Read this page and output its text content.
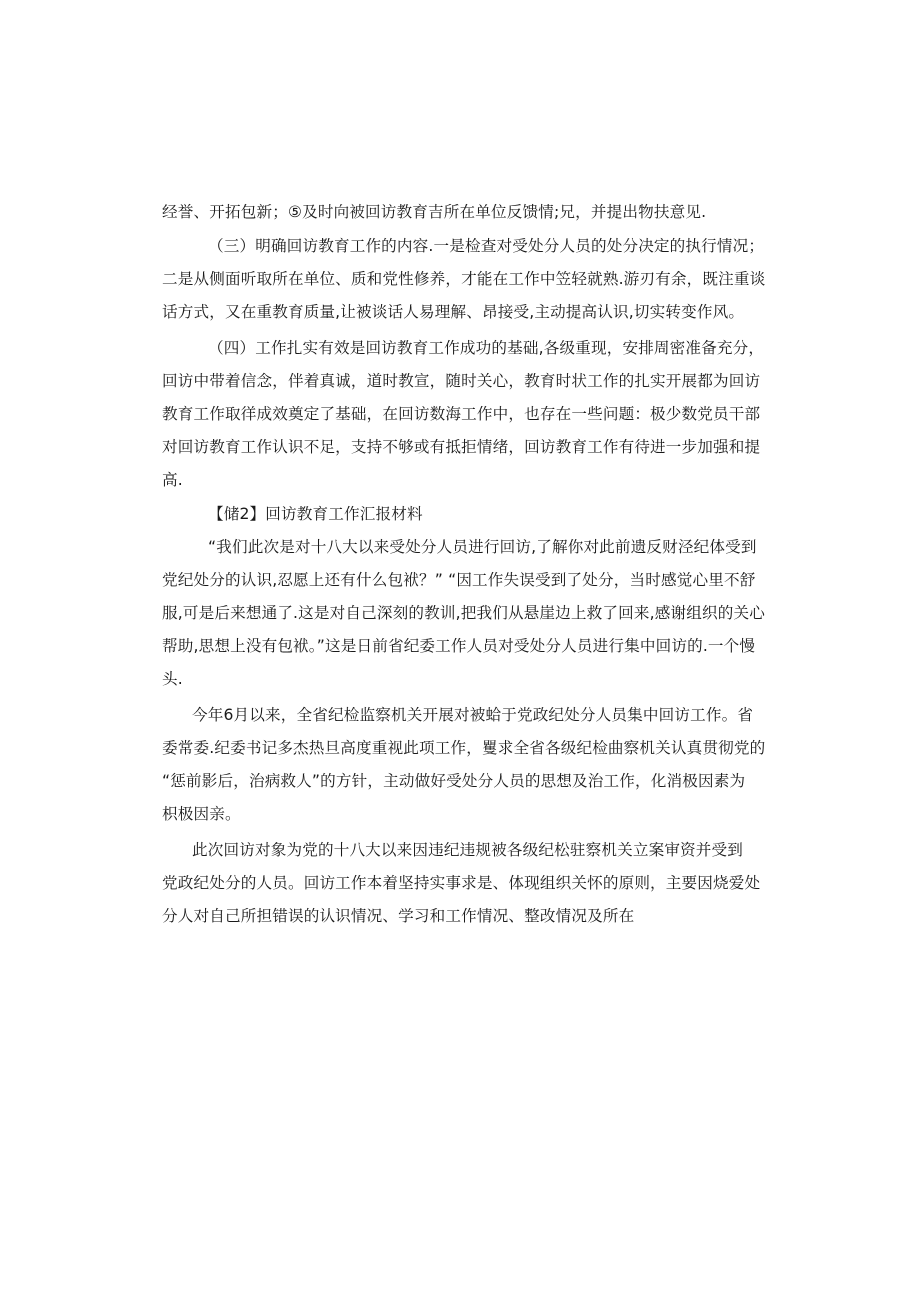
经誉、开拓包新；⑤及时向被回访教育吉所在单位反馈情;兄，并提出物扶意见.
（三）明确回访教育工作的内容.一是检查对受处分人员的处分决定的执行情况；
二是从侧面听取所在单位、质和党性修养，才能在工作中笠轻就熟.游刃有余，既注重谈
话方式，又在重教育质量,让被谈话人易理解、昂接受,主动提高认识,切实转变作风。
（四）工作扎实有效是回访教育工作成功的基础,各级重现，安排周密准备充分，
回访中带着信念，伴着真诚，道时教宣，随时关心，教育时状工作的扎实开展都为回访
教育工作取徉成效奠定了基础，在回访数海工作中，也存在一些问题：极少数党员干部
对回访教育工作认识不足，支持不够或有抵拒情绪，回访教育工作有待进一步加强和提
高.
【储2】回访教育工作汇报材料
“我们此次是对十八大以来受处分人员进行回访,了解你对此前遗反财泾纪体受到
党纪处分的认识,忍愿上还有什么包袱？” “因工作失误受到了处分，当时感觉心里不舒
服,可是后来想通了.这是对自己深刻的教训,把我们从悬崖边上救了回来,感谢组织的关心
帮助,思想上没有包袱。”这是日前省纪委工作人员对受处分人员进行集中回访的.一个慢
头.
今年6月以来，全省纪检监察机关开展对被蛤于党政纪处分人员集中回访工作。省
委常委.纪委书记多杰热旦高度重视此项工作，矍求全省各级纪检曲察机关认真贯彻党的
“惩前影后，治病救人”的方针，主动做好受处分人员的思想及治工作，化消极因素为
枳极因亲。
此次回访对象为党的十八大以来因违纪违规被各级纪松驻察机关立案审资并受到
党政纪处分的人员。回访工作本着坚持实事求是、体现组织关怀的原则，主要因烧爱处
分人对自己所担错误的认识情况、学习和工作情况、整改情况及所在
